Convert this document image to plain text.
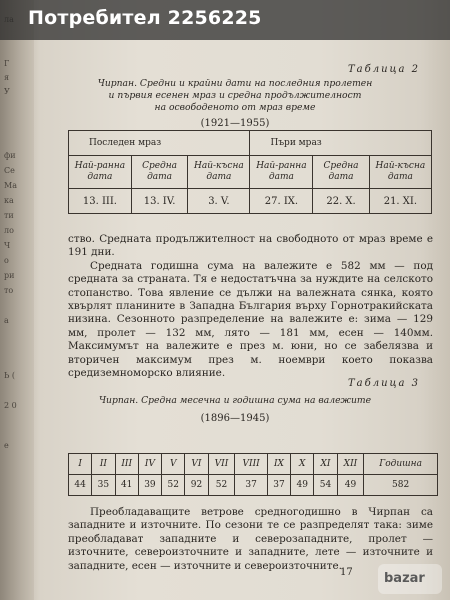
Г
я
У
фи
Се
Ма
ка
ти
ло
Ч
о
ри
то
а
Ь (
2 0
е
Потребител 2256225
Таблица 2
Чирпан. Средни и крайни дати на последния пролетен
и първия есенен мраз и средна продължителност
на освободеното от мраз време
(1921—1955)
Последен мраз			Пъри мраз		
Най-ранна дата	Средна дата	Най-късна дата	Най-ранна дата	Средна дата	Най-късна дата
13. III.	13. IV.	3. V.	27. IX.	22. X.	21. XI.

ство. Средната продължителност на свободното от мраз време е 191 дни.

Средната годишна сума на валежите е 582 мм — под средната за страната. Тя е недостатъчна за нуждите на селското стопанство. Това явление се дължи на валежната сянка, която хвърлят планините в Западна България върху Горнотракийската низина. Сезонното разпределение на валежите е: зима — 129 мм, пролет — 132 мм, лято — 181 мм, есен — 140мм. Максимумът на валежите е през м. юни, но се забелязва и вторичен максимум през м. ноември което показва средиземноморско влияние.

Таблица 3
Чирпан. Средна месечна и годишна сума на валежите
(1896—1945)
I	II	III	IV	V	VI	VII	VIII	IX	X	XI	XII	Годишна
44	35	41	39	52	92	52	37	37	49	54	49	582

Преобладаващите ветрове средногодишно в Чирпан са западните и източните. По сезони те се разпределят така: зиме преобладават западните и северозападните, пролет — източните, североизточните и западните, лете — източните и западните, есен — източните и североизточните.

17 bazar
